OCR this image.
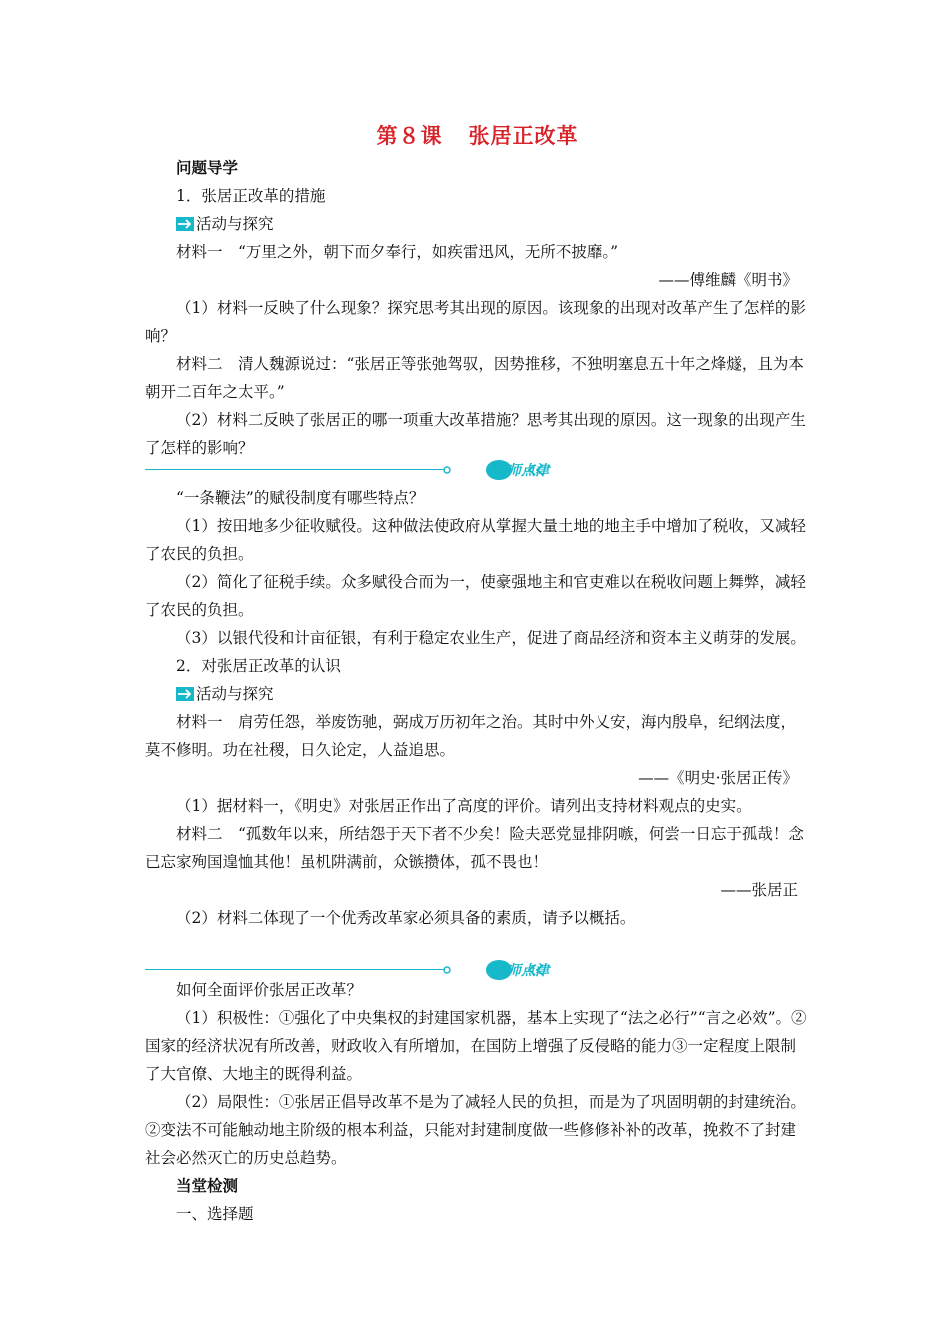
第８课 张居正改革

问题导学

1．张居正改革的措施

活动与探究

材料一　“万里之外，朝下而夕奉行，如疾雷迅风，无所不披靡。”

——傅维麟《明书》

（1）材料一反映了什么现象？探究思考其出现的原因。该现象的出现对改革产生了怎样的影响？

材料二　清人魏源说过：“张居正等张弛驾驭，因势推移，不独明塞息五十年之烽燧，且为本朝开二百年之太平。”

（2）材料二反映了张居正的哪一项重大改革措施？思考其出现的原因。这一现象的出现产生了怎样的影响？

名师点津

“一条鞭法”的赋役制度有哪些特点？

（1）按田地多少征收赋役。这种做法使政府从掌握大量土地的地主手中增加了税收，又减轻了农民的负担。

（2）简化了征税手续。众多赋役合而为一，使豪强地主和官吏难以在税收问题上舞弊，减轻了农民的负担。

（3）以银代役和计亩征银，有利于稳定农业生产，促进了商品经济和资本主义萌芽的发展。

2．对张居正改革的认识

活动与探究

材料一　肩劳任怨，举废饬驰，弼成万历初年之治。其时中外乂安，海内殷阜，纪纲法度，莫不修明。功在社稷，日久论定，人益追思。

——《明史·张居正传》

（1）据材料一，《明史》对张居正作出了高度的评价。请列出支持材料观点的史实。

材料二　“孤数年以来，所结怨于天下者不少矣！险夫恶党显排阴嗾，何尝一日忘于孤哉！念已忘家殉国遑恤其他！虽机阱满前，众镞攒体，孤不畏也！

——张居正

（2）材料二体现了一个优秀改革家必须具备的素质，请予以概括。

名师点津

如何全面评价张居正改革？

（1）积极性：①强化了中央集权的封建国家机器，基本上实现了“法之必行”“言之必效”。②国家的经济状况有所改善，财政收入有所增加，在国防上增强了反侵略的能力③一定程度上限制了大官僚、大地主的既得利益。

（2）局限性：①张居正倡导改革不是为了减轻人民的负担，而是为了巩固明朝的封建统治。②变法不可能触动地主阶级的根本利益，只能对封建制度做一些修修补补的改革，挽救不了封建社会必然灭亡的历史总趋势。

当堂检测

一、选择题
